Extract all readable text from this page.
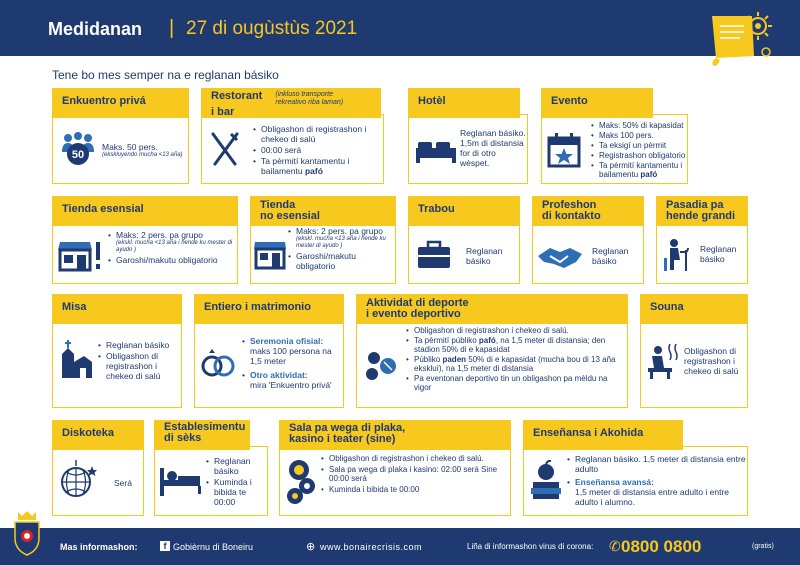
Medidanan | 27 di ougùstùs 2021
Tene bo mes semper na e reglanan básiko
Enkuentro privá
50
Maks. 50 pers.
(ekskluyendo mucha <13 aña)
Restorant (inkluso transporte rekreativo riba laman)
i bar
• Obligashon di registrashon i chekeo di salú
• 00:00 será
• Ta pèrmití kantamentu i bailamentu pafó
Hotèl
Reglanan básiko. 1,5m di distansia for di otro wèspet.
Evento
• Maks: 50% di kapasidat
• Maks 100 pers.
• Ta eksigí un pèrmit
• Registrashon obligatorio
• Ta pèrmití kantamentu i bailamentu pafó
Tienda esensial
• Maks: 2 pers. pa grupo
(ekskl. mucha <13 aña i hende ku mester di ayudo )
• Garoshi/makutu obligatorio
Tienda
no esensial
• Maks: 2 pers. pa grupo
(ekskl. mucha <13 aña i hende ku mester di ayudo )
• Garoshi/makutu obligatorio
Trabou
Reglanan básiko
Profeshon
di kontakto
Reglanan básiko
Pasadia pa
hende grandi
Reglanan básiko
Misa
• Reglanan básiko
• Obligashon di registrashon i chekeo di salú
Entiero i matrimonio
• Seremonia ofisial:
maks 100 persona na 1,5 meter
• Otro aktividat:
mira 'Enkuentro privá'
Aktividat di deporte
i evento deportivo
• Obligashon di registrashon i chekeo di salú.
• Ta pèrmití públiko pafó, na 1,5 meter di distansia; den stadion 50% di e kapasidat
• Públiko paden 50% di e kapasidat (mucha bou di 13 aña ekskluí), na 1,5 meter di distansia
• Pa eventonan deportivo tin un obligashon pa mèldu na vigor
Souna
Obligashon di registrashon i chekeo di salú
Diskoteka
Será
Establesimentu
di sèks
• Reglanan básiko
• Kuminda i bibida te 00:00
Sala pa wega di plaka,
kasino i teater (sine)
• Obligashon di registrashon i chekeo di salú.
• Sala pa wega di plaka i kasino: 02:00 será Sine 00:00 será
• Kuminda i bibida te 00:00
Enseñansa i Akohida
• Reglanan básiko. 1,5 meter di distansia entre adulto
• Enseñansa avansá:
1,5 meter di distansia entre adulto i entre adulto i alumno.
Mas informashon:	f Gobièrnu di Boneiru	⊕ www.bonairecrisis.com	Liña di informashon virus di corona: ✆ 0800 0800	(gratis)
